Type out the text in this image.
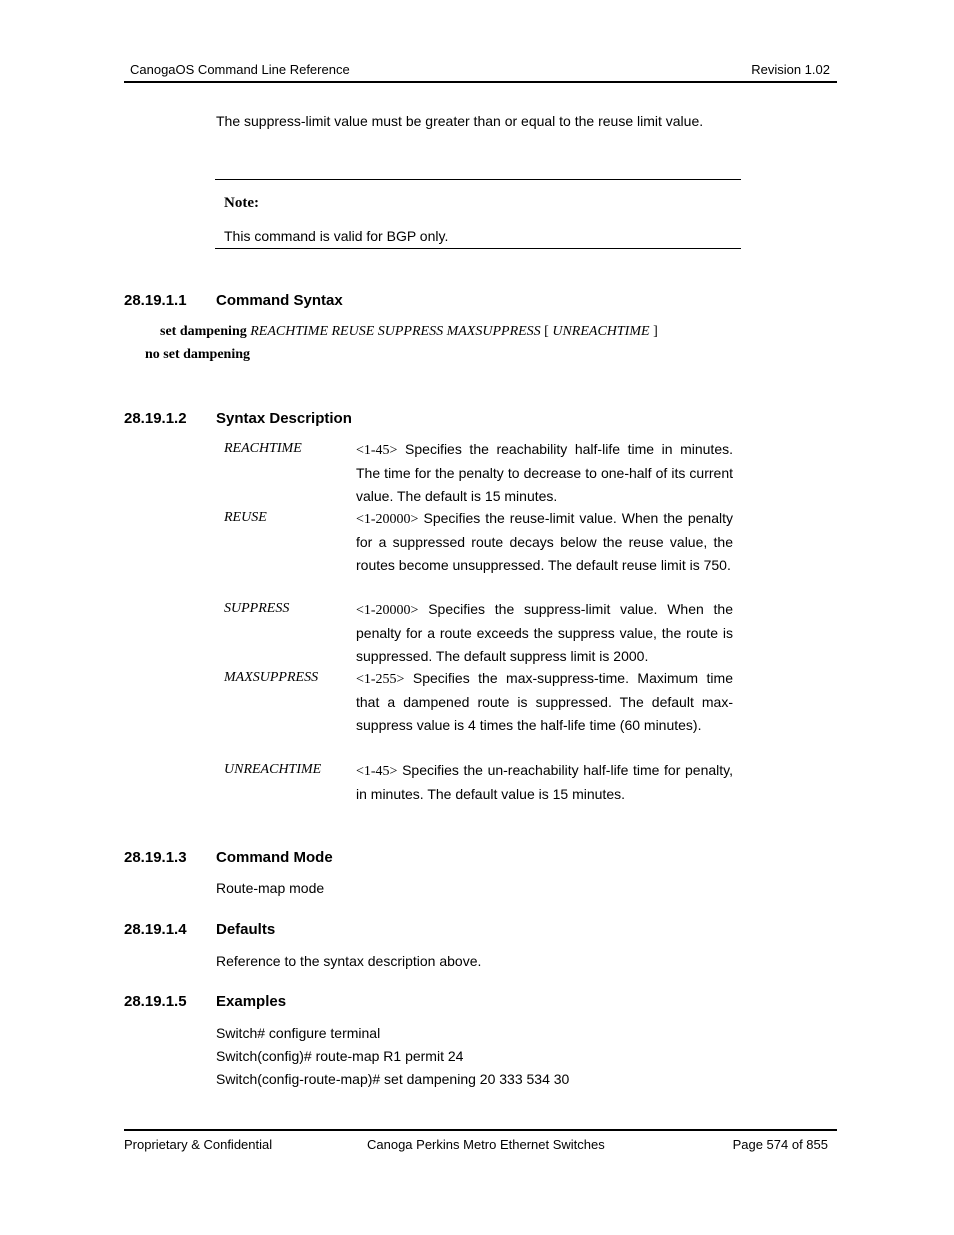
CanogaOS Command Line Reference	Revision 1.02
The suppress-limit value must be greater than or equal to the reuse limit value.
Note:
This command is valid for BGP only.
28.19.1.1 Command Syntax
set dampening REACHTIME REUSE SUPPRESS MAXSUPPRESS [ UNREACHTIME ]
no set dampening
28.19.1.2 Syntax Description
REACHTIME	<1-45> Specifies the reachability half-life time in minutes. The time for the penalty to decrease to one-half of its current value. The default is 15 minutes.
REUSE	<1-20000> Specifies the reuse-limit value. When the penalty for a suppressed route decays below the reuse value, the routes become unsuppressed. The default reuse limit is 750.
SUPPRESS	<1-20000> Specifies the suppress-limit value. When the penalty for a route exceeds the suppress value, the route is suppressed. The default suppress limit is 2000.
MAXSUPPRESS	<1-255> Specifies the max-suppress-time. Maximum time that a dampened route is suppressed. The default max-suppress value is 4 times the half-life time (60 minutes).
UNREACHTIME <1-45> Specifies the un-reachability half-life time for penalty, in minutes. The default value is 15 minutes.
28.19.1.3 Command Mode
Route-map mode
28.19.1.4 Defaults
Reference to the syntax description above.
28.19.1.5 Examples
Switch# configure terminal
Switch(config)# route-map R1 permit 24
Switch(config-route-map)# set dampening 20 333 534 30
Proprietary & Confidential	Canoga Perkins Metro Ethernet Switches	Page 574 of 855
